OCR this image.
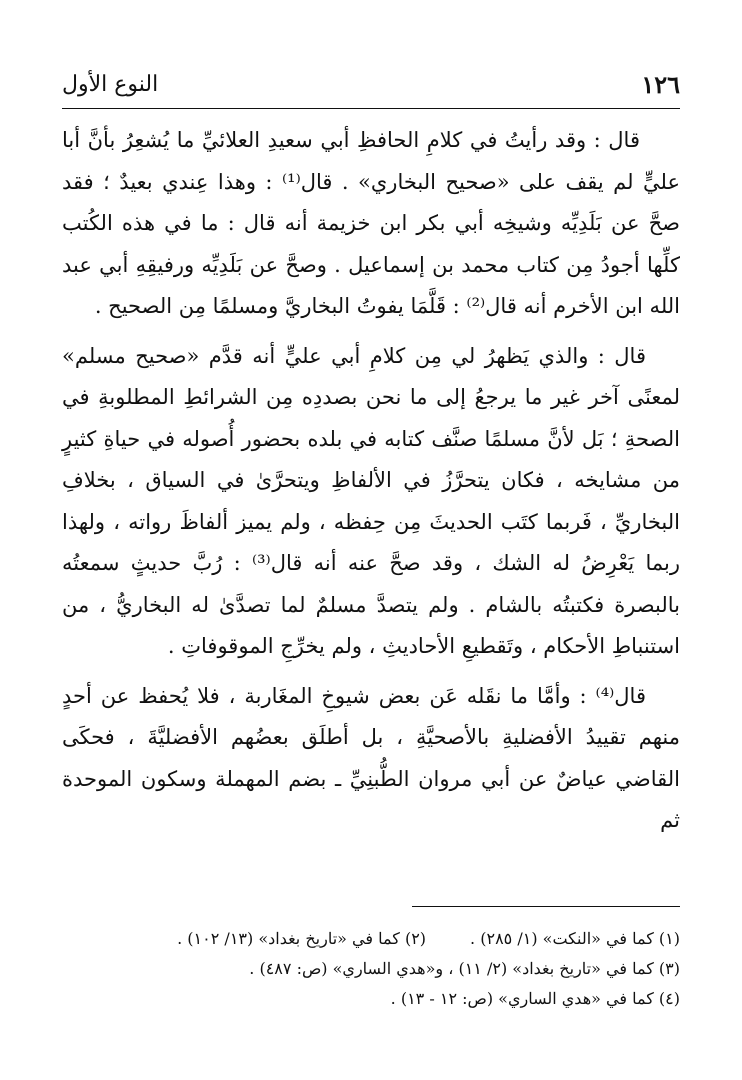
١٢٦
النوع الأول

قال : وقد رأيتُ في كلامِ الحافظِ أبي سعيدِ العلائيِّ ما يُشعِرُ بأنَّ أبا عليٍّ لم يقف على «صحيح البخاري» . قال⁽¹⁾ : وهذا عِندي بعيدٌ ؛ فقد صحَّ عن بَلَدِيِّه وشيخِه أبي بكر ابن خزيمة أنه قال : ما في هذه الكُتب كلِّها أجودُ مِن كتاب محمد بن إسماعيل . وصحَّ عن بَلَدِيِّه ورفيقِهِ أبي عبد الله ابن الأخرم أنه قال⁽²⁾ : قَلَّمَا يفوتُ البخاريَّ ومسلمًا مِن الصحيح .

قال : والذي يَظهرُ لي مِن كلامِ أبي عليٍّ أنه قدَّم «صحيح مسلم» لمعنًى آخر غير ما يرجعُ إلى ما نحن بصددِه مِن الشرائطِ المطلوبةِ في الصحةِ ؛ بَل لأنَّ مسلمًا صنَّف كتابه في بلده بحضور أُصوله في حياةِ كثيرٍ من مشايخه ، فكان يتحرَّزُ في الألفاظِ ويتحرَّىٰ في السياق ، بخلافِ البخاريِّ ، فَربما كتَب الحديثَ مِن حِفظه ، ولم يميز ألفاظَ رواته ، ولهذا ربما يَعْرِضُ له الشك ، وقد صحَّ عنه أنه قال⁽³⁾ : رُبَّ حديثٍ سمعتُه بالبصرة فكتبتُه بالشام . ولم يتصدَّ مسلمٌ لما تصدَّىٰ له البخاريُّ ، من استنباطِ الأحكام ، وتَقطيعِ الأحاديثِ ، ولم يخرِّجِ الموقوفاتِ .

قال⁽⁴⁾ : وأمَّا ما نقَله عَن بعض شيوخِ المغَاربة ، فلا يُحفظ عن أحدٍ منهم تقييدُ الأفضليةِ بالأصحيَّةِ ، بل أطلَق بعضُهم الأفضليَّةَ ، فحكَى القاضي عياضٌ عن أبي مروان الطُّبنِيِّ ـ بضم المهملة وسكون الموحدة ثم

(١) كما في «النكت» (١/ ٢٨٥) .
(٢) كما في «تاريخ بغداد» (١٣/ ١٠٢) .
(٣) كما في «تاريخ بغداد» (٢/ ١١) ، و«هدي الساري» (ص: ٤٨٧) .
(٤) كما في «هدي الساري» (ص: ١٢ - ١٣) .
